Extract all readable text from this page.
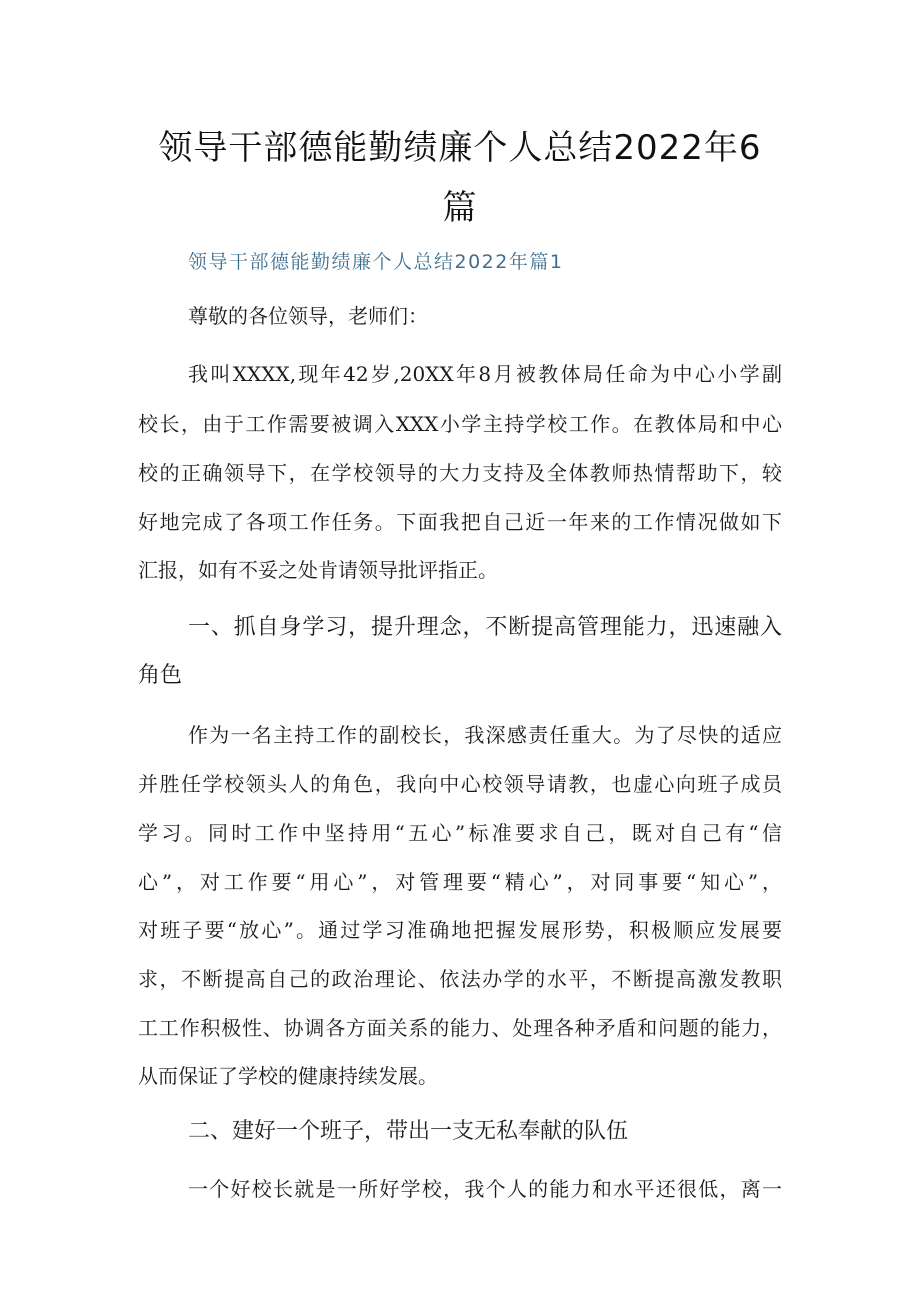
领导干部德能勤绩廉个人总结2022年6
篇
领导干部德能勤绩廉个人总结2022年篇1
尊敬的各位领导，老师们：
我叫XXXX,现年42岁,20XX年8月被教体局任命为中心小学副
校长，由于工作需要被调入XXX小学主持学校工作。在教体局和中心
校的正确领导下，在学校领导的大力支持及全体教师热情帮助下，较
好地完成了各项工作任务。下面我把自己近一年来的工作情况做如下
汇报，如有不妥之处肯请领导批评指正。
一、抓自身学习，提升理念，不断提高管理能力，迅速融入
角色
作为一名主持工作的副校长，我深感责任重大。为了尽快的适应
并胜任学校领头人的角色，我向中心校领导请教，也虚心向班子成员
学习。同时工作中坚持用“五心”标准要求自己，既对自己有“信
心”，对工作要“用心”，对管理要“精心”，对同事要“知心”，
对班子要“放心”。通过学习准确地把握发展形势，积极顺应发展要
求，不断提高自己的政治理论、依法办学的水平，不断提高激发教职
工工作积极性、协调各方面关系的能力、处理各种矛盾和问题的能力，
从而保证了学校的健康持续发展。
二、建好一个班子，带出一支无私奉献的队伍
一个好校长就是一所好学校，我个人的能力和水平还很低，离一
